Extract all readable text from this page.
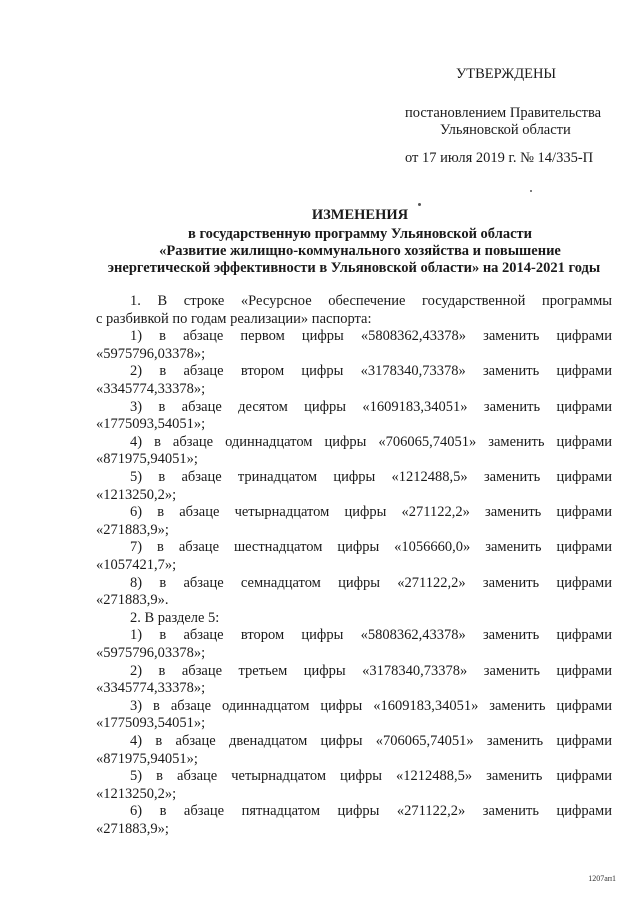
УТВЕРЖДЕНЫ
постановлением Правительства
Ульяновской области
от 17 июля 2019 г. № 14/335-П
ИЗМЕНЕНИЯ
в государственную программу Ульяновской области
«Развитие жилищно-коммунального хозяйства и повышение
энергетической эффективности в Ульяновской области» на 2014-2021 годы
1. В строке «Ресурсное обеспечение государственной программы
с разбивкой по годам реализации» паспорта:
1) в абзаце первом цифры «5808362,43378» заменить цифрами
«5975796,03378»;
2) в абзаце втором цифры «3178340,73378» заменить цифрами
«3345774,33378»;
3) в абзаце десятом цифры «1609183,34051» заменить цифрами
«1775093,54051»;
4) в абзаце одиннадцатом цифры «706065,74051» заменить цифрами
«871975,94051»;
5) в абзаце тринадцатом цифры «1212488,5» заменить цифрами
«1213250,2»;
6) в абзаце четырнадцатом цифры «271122,2» заменить цифрами
«271883,9»;
7) в абзаце шестнадцатом цифры «1056660,0» заменить цифрами
«1057421,7»;
8) в абзаце семнадцатом цифры «271122,2» заменить цифрами
«271883,9».
2. В разделе 5:
1) в абзаце втором цифры «5808362,43378» заменить цифрами
«5975796,03378»;
2) в абзаце третьем цифры «3178340,73378» заменить цифрами
«3345774,33378»;
3) в абзаце одиннадцатом цифры «1609183,34051» заменить цифрами
«1775093,54051»;
4) в абзаце двенадцатом цифры «706065,74051» заменить цифрами
«871975,94051»;
5) в абзаце четырнадцатом цифры «1212488,5» заменить цифрами
«1213250,2»;
6) в абзаце пятнадцатом цифры «271122,2» заменить цифрами
«271883,9»;
1207ап1
